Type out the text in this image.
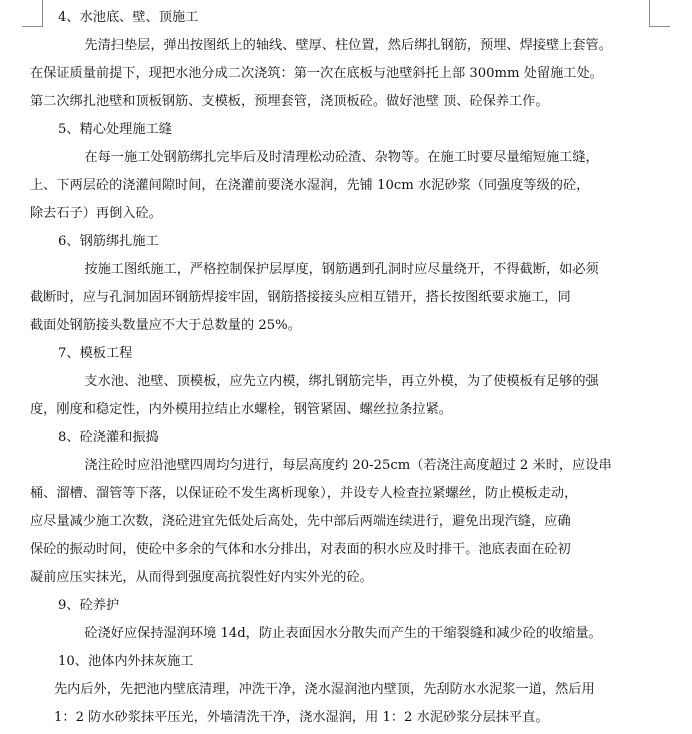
4、水池底、壁、顶施工

先清扫垫层，弹出按图纸上的轴线、壁厚、柱位置，然后绑扎钢筋，预埋、焊接壁上套管。
在保证质量前提下，现把水池分成二次浇筑：第一次在底板与池壁斜托上部 300mm 处留施工处。
第二次绑扎池壁和顶板钢筋、支模板，预埋套管，浇顶板砼。做好池壁 顶、砼保养工作。

5、精心处理施工缝

在每一施工处钢筋绑扎完毕后及时清理松动砼渣、杂物等。在施工时要尽量缩短施工缝，
上、下两层砼的浇灌间隙时间，在浇灌前要浇水湿润，先铺 10cm 水泥砂浆（同强度等级的砼，
除去石子）再倒入砼。

6、钢筋绑扎施工

按施工图纸施工，严格控制保护层厚度，钢筋遇到孔洞时应尽量绕开，不得截断，如必须
截断时，应与孔洞加固环钢筋焊接牢固，钢筋搭接接头应相互错开，搭长按图纸要求施工，同
截面处钢筋接头数量应不大于总数量的 25%。

7、模板工程

支水池、池壁、顶模板，应先立内模，绑扎钢筋完毕，再立外模，为了使模板有足够的强
度，刚度和稳定性，内外模用拉结止水螺栓，钢管紧固、螺丝拉条拉紧。

8、砼浇灌和振捣

浇注砼时应沿池壁四周均匀进行，每层高度约 20-25cm（若浇注高度超过 2 米时，应设串
桶、溜槽、溜管等下落，以保证砼不发生离析现象），并设专人检查拉紧螺丝，防止模板走动，
应尽量减少施工次数，浇砼进宜先低处后高处，先中部后两端连续进行，避免出现汽缝，应确
保砼的振动时间，使砼中多余的气体和水分排出，对表面的积水应及时排干。池底表面在砼初
凝前应压实抹光，从而得到强度高抗裂性好内实外光的砼。

9、砼养护

砼浇好应保持湿润环境 14d，防止表面因水分散失而产生的干缩裂缝和减少砼的收缩量。

10、池体内外抹灰施工

先内后外，先把池内壁底清理，冲洗干净，浇水湿润池内壁顶，先刮防水水泥浆一道，然后用
1：2 防水砂浆抹平压光，外墙清洗干净，浇水湿润，用 1：2 水泥砂浆分层抹平直。
